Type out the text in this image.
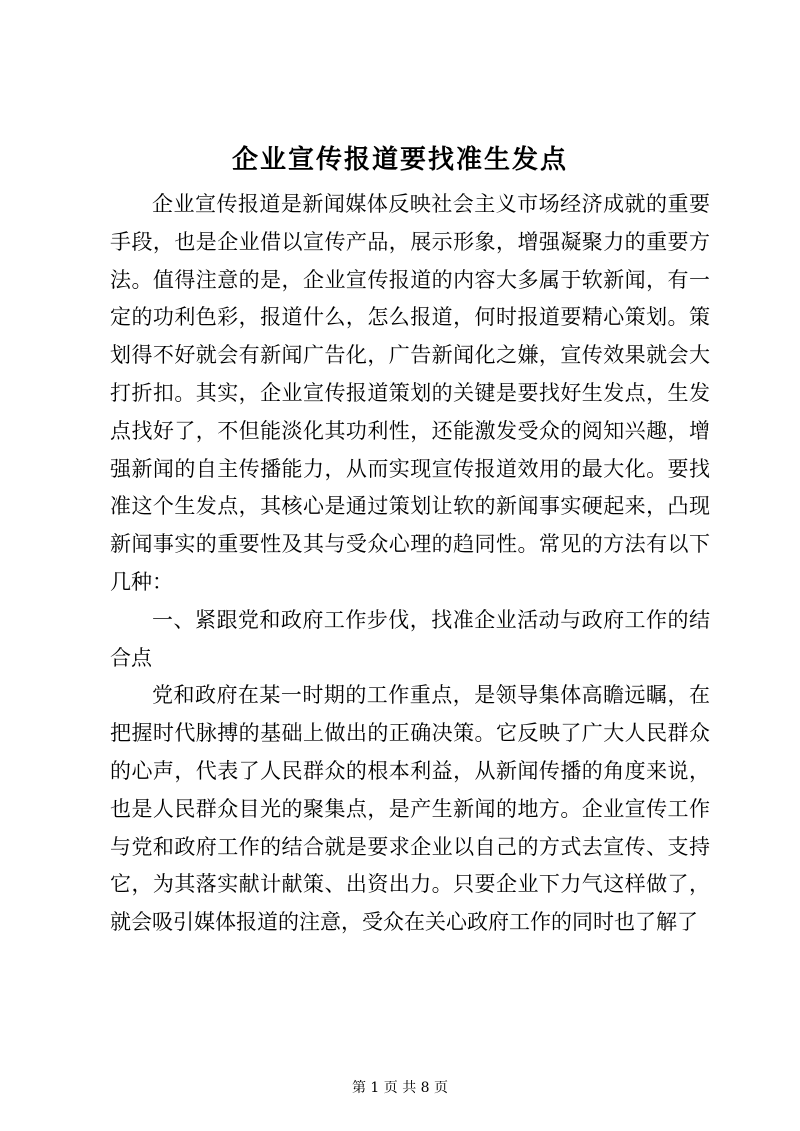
企业宣传报道要找准生发点

企业宣传报道是新闻媒体反映社会主义市场经济成就的重要手段，也是企业借以宣传产品，展示形象，增强凝聚力的重要方法。值得注意的是，企业宣传报道的内容大多属于软新闻，有一定的功利色彩，报道什么，怎么报道，何时报道要精心策划。策划得不好就会有新闻广告化，广告新闻化之嫌，宣传效果就会大打折扣。其实，企业宣传报道策划的关键是要找好生发点，生发点找好了，不但能淡化其功利性，还能激发受众的阅知兴趣，增强新闻的自主传播能力，从而实现宣传报道效用的最大化。要找准这个生发点，其核心是通过策划让软的新闻事实硬起来，凸现新闻事实的重要性及其与受众心理的趋同性。常见的方法有以下几种：

一、紧跟党和政府工作步伐，找准企业活动与政府工作的结合点

党和政府在某一时期的工作重点，是领导集体高瞻远瞩，在把握时代脉搏的基础上做出的正确决策。它反映了广大人民群众的心声，代表了人民群众的根本利益，从新闻传播的角度来说，也是人民群众目光的聚集点，是产生新闻的地方。企业宣传工作与党和政府工作的结合就是要求企业以自己的方式去宣传、支持它，为其落实献计献策、出资出力。只要企业下力气这样做了，就会吸引媒体报道的注意，受众在关心政府工作的同时也了解了

第 1 页 共 8 页
